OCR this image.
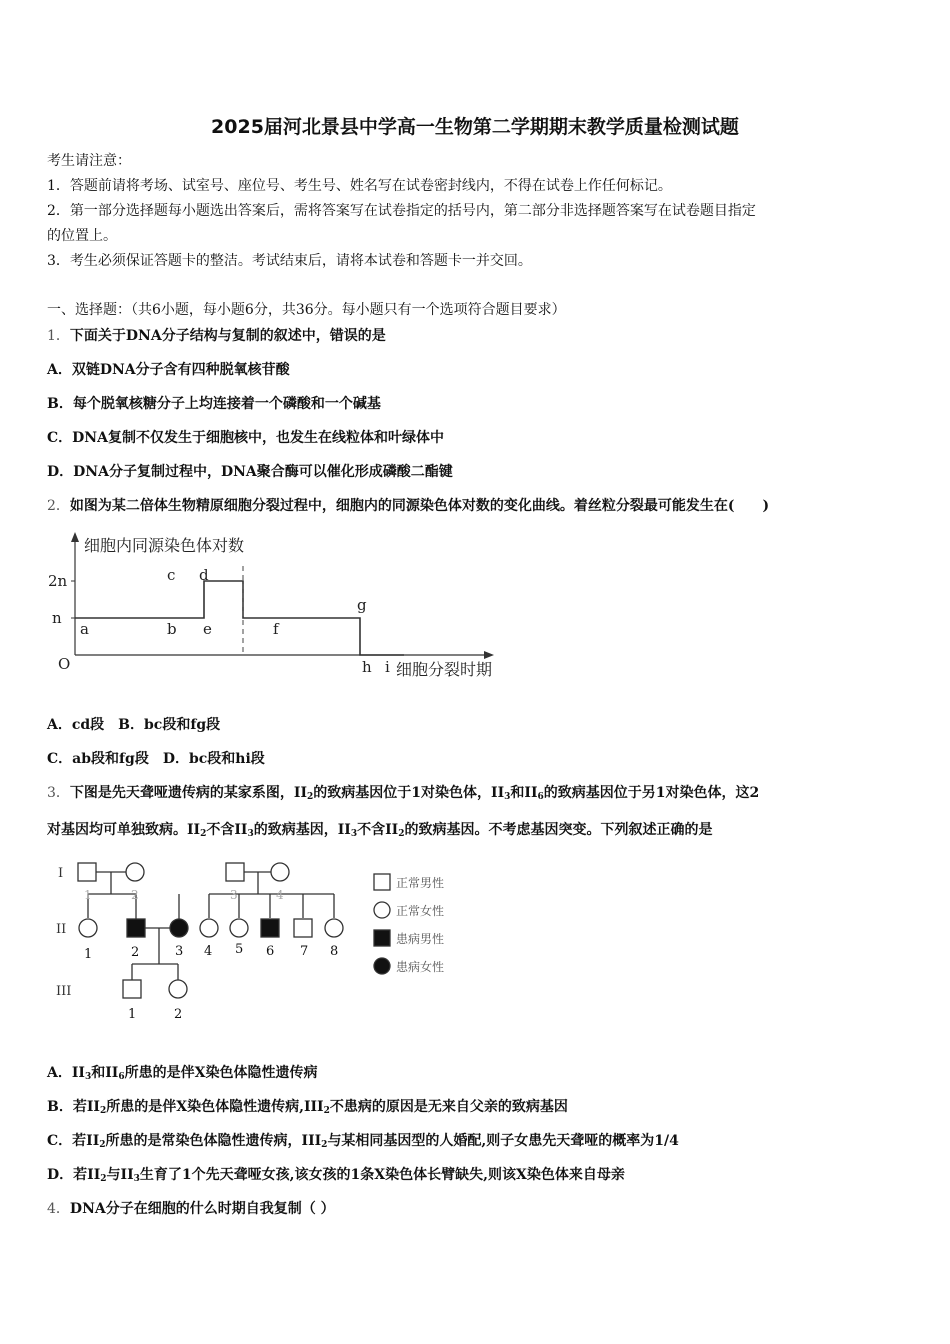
2025届河北景县中学高一生物第二学期期末教学质量检测试题
考生请注意：
1．答题前请将考场、试室号、座位号、考生号、姓名写在试卷密封线内，不得在试卷上作任何标记。
2．第一部分选择题每小题选出答案后，需将答案写在试卷指定的括号内，第二部分非选择题答案写在试卷题目指定
的位置上。
3．考生必须保证答题卡的整洁。考试结束后，请将本试卷和答题卡一并交回。
一、选择题：（共6小题，每小题6分，共36分。每小题只有一个选项符合题目要求）
1．下面关于DNA分子结构与复制的叙述中，错误的是
A．双链DNA分子含有四种脱氧核苷酸
B．每个脱氧核糖分子上均连接着一个磷酸和一个碱基
C．DNA复制不仅发生于细胞核中，也发生在线粒体和叶绿体中
D．DNA分子复制过程中，DNA聚合酶可以催化形成磷酸二酯键
2．如图为某二倍体生物精原细胞分裂过程中，细胞内的同源染色体对数的变化曲线。着丝粒分裂最可能发生在(　　)
n
2n
O
细胞内同源染色体对数
细胞分裂时期
a	b
c d
e	f
g
h i
A．cd段　B．bc段和fg段
C．ab段和fg段　D．bc段和hi段
3．下图是先天聋哑遗传病的某家系图，$II_2$的致病基因位于1对染色体，$II_3$和$II_6$的致病基因位于另1对染色体，这2
对基因均可单独致病。$II_2$不含$II_3$的致病基因，$II_3$不含$II_2$的致病基因。不考虑基因突变。下列叙述正确的是
I
II
III
1	2	3	4
1	2	3 4 5 6 7 8
1	2
正常男性
正常女性
患病男性
患病女性
A．$II_3$和$II_6$所患的是伴X染色体隐性遗传病
B．若$II_2$所患的是伴X染色体隐性遗传病$,III_2$不患病的原因是无来自父亲的致病基因
C．若$II_2$所患的是常染色体隐性遗传病，$III_2$与某相同基因型的人婚配,则子女患先天聋哑的概率为1/4
D．若$II_2$与$II_3$生育了1个先天聋哑女孩,该女孩的1条X染色体长臂缺失,则该X染色体来自母亲
4．DNA分子在细胞的什么时期自我复制（ ）
